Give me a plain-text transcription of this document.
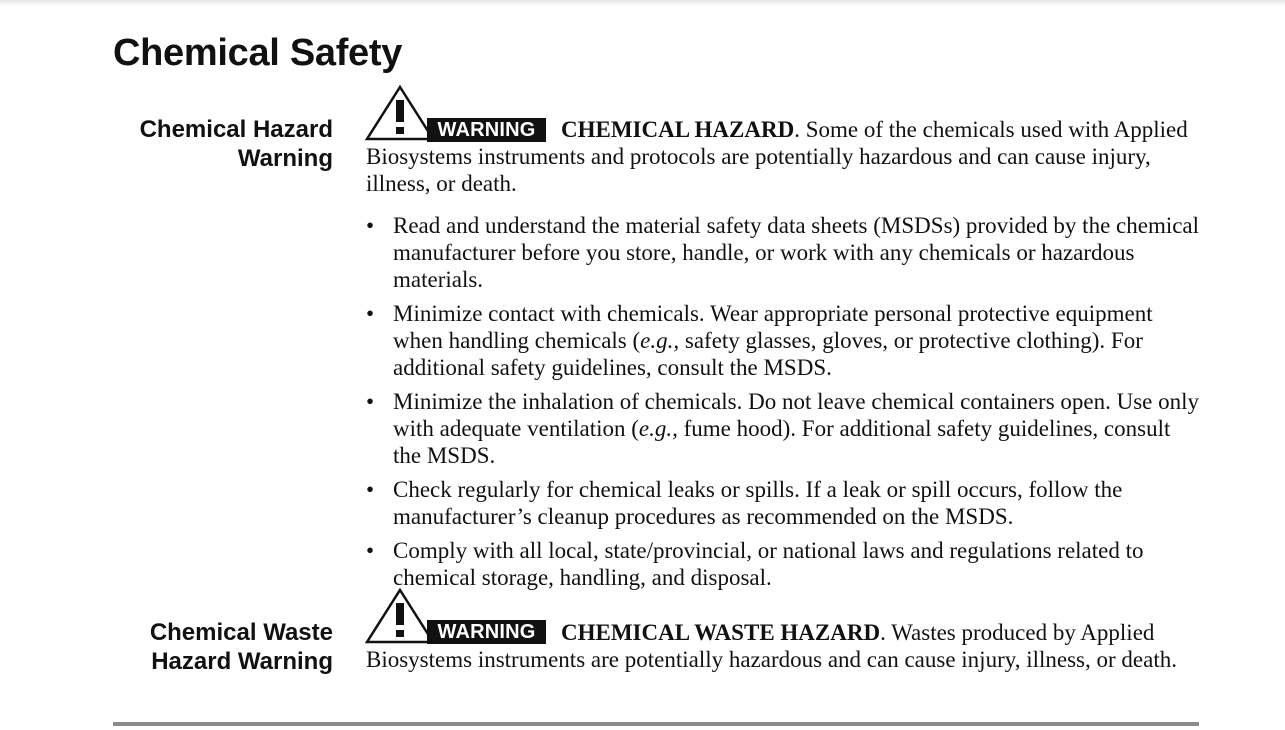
Chemical Safety
Chemical Hazard
Warning
WARNING	CHEMICAL HAZARD. Some of the chemicals used with Applied Biosystems instruments and protocols are potentially hazardous and can cause injury, illness, or death.

• Read and understand the material safety data sheets (MSDSs) provided by the chemical manufacturer before you store, handle, or work with any chemicals or hazardous materials.
• Minimize contact with chemicals. Wear appropriate personal protective equipment when handling chemicals (e.g., safety glasses, gloves, or protective clothing). For additional safety guidelines, consult the MSDS.
• Minimize the inhalation of chemicals. Do not leave chemical containers open. Use only with adequate ventilation (e.g., fume hood). For additional safety guidelines, consult the MSDS.
• Check regularly for chemical leaks or spills. If a leak or spill occurs, follow the manufacturer’s cleanup procedures as recommended on the MSDS.
• Comply with all local, state/provincial, or national laws and regulations related to chemical storage, handling, and disposal.
Chemical Waste
Hazard Warning
WARNING	CHEMICAL WASTE HAZARD. Wastes produced by Applied Biosystems instruments are potentially hazardous and can cause injury, illness, or death.
